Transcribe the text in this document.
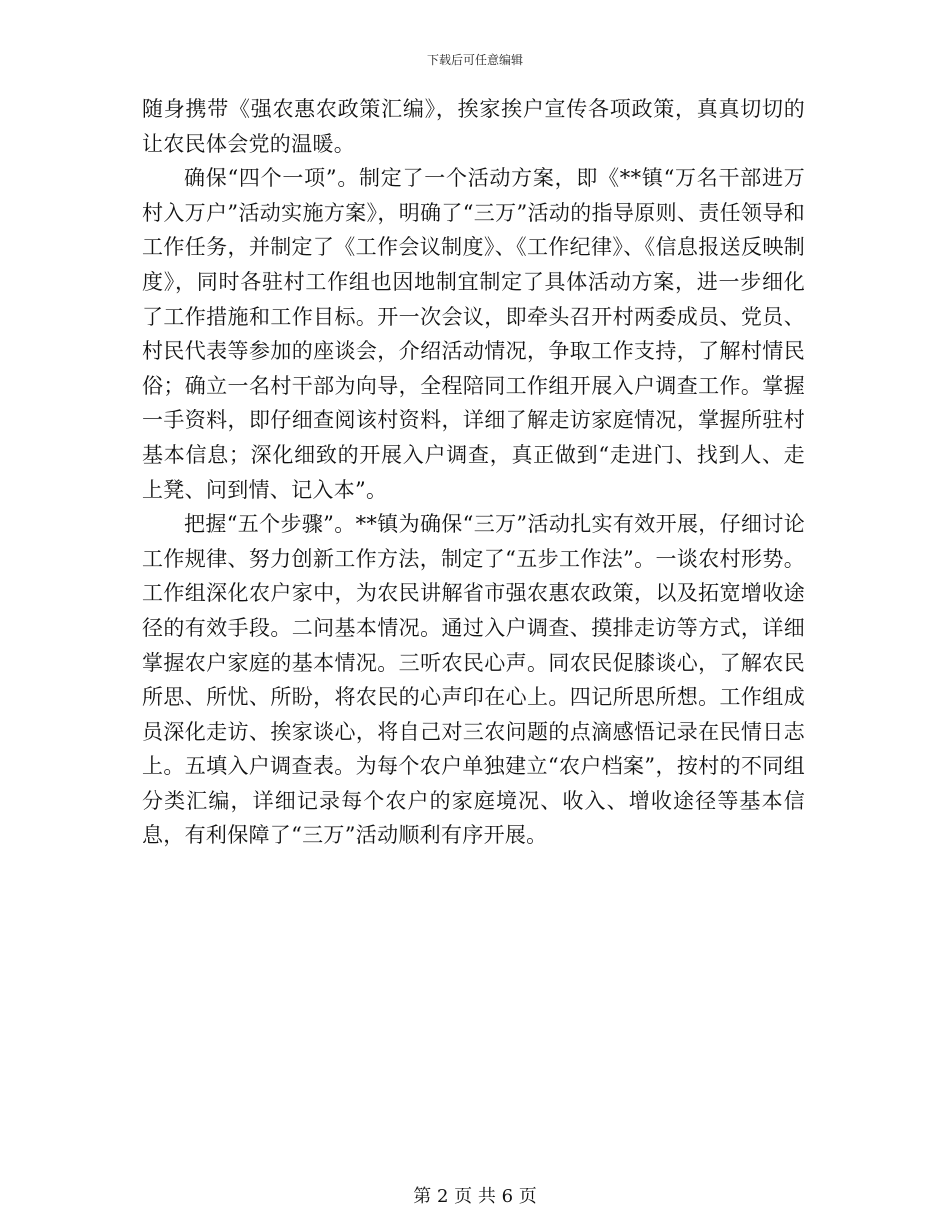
下载后可任意编辑

随身携带《强农惠农政策汇编》，挨家挨户宣传各项政策，真真切切的让农民体会党的温暖。

确保“四个一项”。制定了一个活动方案，即《**镇“万名干部进万村入万户”活动实施方案》，明确了“三万”活动的指导原则、责任领导和工作任务，并制定了《工作会议制度》、《工作纪律》、《信息报送反映制度》，同时各驻村工作组也因地制宜制定了具体活动方案，进一步细化了工作措施和工作目标。开一次会议，即牵头召开村两委成员、党员、村民代表等参加的座谈会，介绍活动情况，争取工作支持，了解村情民俗；确立一名村干部为向导，全程陪同工作组开展入户调查工作。掌握一手资料，即仔细查阅该村资料，详细了解走访家庭情况，掌握所驻村基本信息；深化细致的开展入户调查，真正做到“走进门、找到人、走上凳、问到情、记入本”。

把握“五个步骤”。**镇为确保“三万”活动扎实有效开展，仔细讨论工作规律、努力创新工作方法，制定了“五步工作法”。一谈农村形势。工作组深化农户家中，为农民讲解省市强农惠农政策，以及拓宽增收途径的有效手段。二问基本情况。通过入户调查、摸排走访等方式，详细掌握农户家庭的基本情况。三听农民心声。同农民促膝谈心，了解农民所思、所忧、所盼，将农民的心声印在心上。四记所思所想。工作组成员深化走访、挨家谈心，将自己对三农问题的点滴感悟记录在民情日志上。五填入户调查表。为每个农户单独建立“农户档案”，按村的不同组分类汇编，详细记录每个农户的家庭境况、收入、增收途径等基本信息，有利保障了“三万”活动顺利有序开展。

第 2 页 共 6 页
